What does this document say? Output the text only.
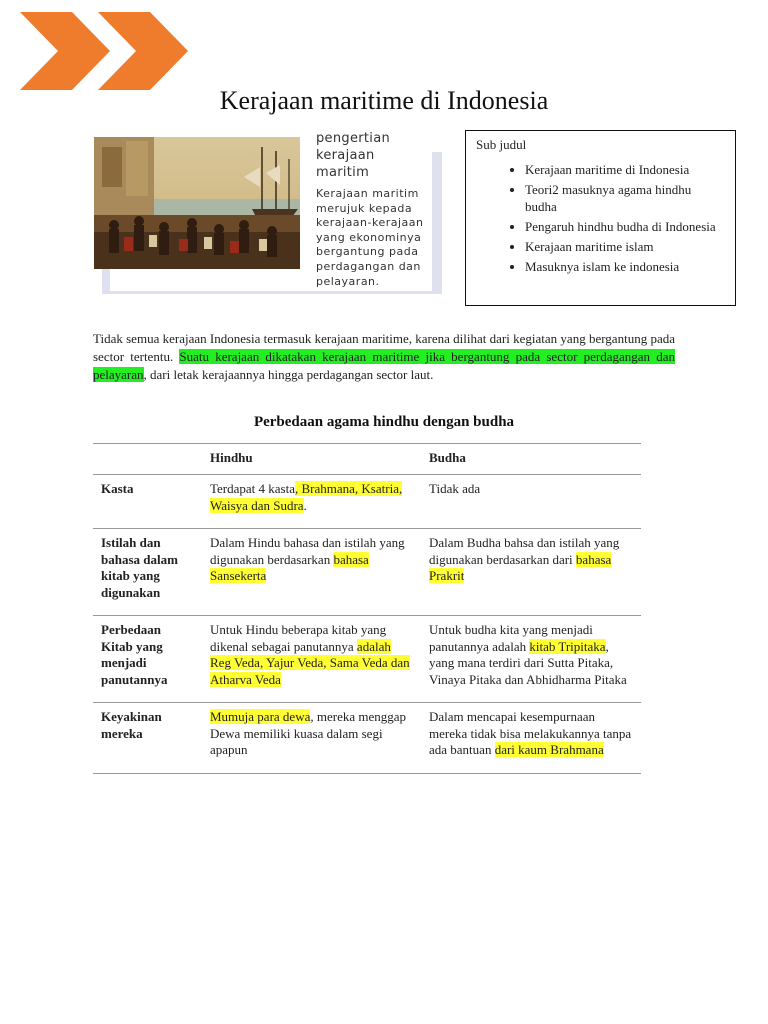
Kerajaan maritime di Indonesia
pengertian kerajaan maritim
Kerajaan maritim merujuk kepada kerajaan-kerajaan yang ekonominya bergantung pada perdagangan dan pelayaran.
Sub judul
• Kerajaan maritime di Indonesia
• Teori2 masuknya agama hindhu budha
• Pengaruh hindhu budha di Indonesia
• Kerajaan maritime islam
• Masuknya islam ke indonesia
Tidak semua kerajaan Indonesia termasuk kerajaan maritime, karena dilihat dari kegiatan yang bergantung pada sector tertentu. Suatu kerajaan dikatakan kerajaan maritime jika bergantung pada sector perdagangan dan pelayaran, dari letak kerajaannya hingga perdagangan sector laut.
Perbedaan agama hindhu dengan budha
	Hindhu	Budha
Kasta	Terdapat 4 kasta, Brahmana, Ksatria, Waisya dan Sudra.	Tidak ada
Istilah dan bahasa dalam kitab yang digunakan	Dalam Hindu bahasa dan istilah yang digunakan berdasarkan bahasa Sansekerta	Dalam Budha bahsa dan istilah yang digunakan berdasarkan dari bahasa Prakrit
Perbedaan Kitab yang menjadi panutannya	Untuk Hindu beberapa kitab yang dikenal sebagai panutannya adalah Reg Veda, Yajur Veda, Sama Veda dan Atharva Veda	Untuk budha kita yang menjadi panutannya adalah kitab Tripitaka, yang mana terdiri dari Sutta Pitaka, Vinaya Pitaka dan Abhidharma Pitaka
Keyakinan mereka	Mumuja para dewa, mereka menggap Dewa memiliki kuasa dalam segi apapun	Dalam mencapai kesempurnaan mereka tidak bisa melakukannya tanpa ada bantuan dari kaum Brahmana
